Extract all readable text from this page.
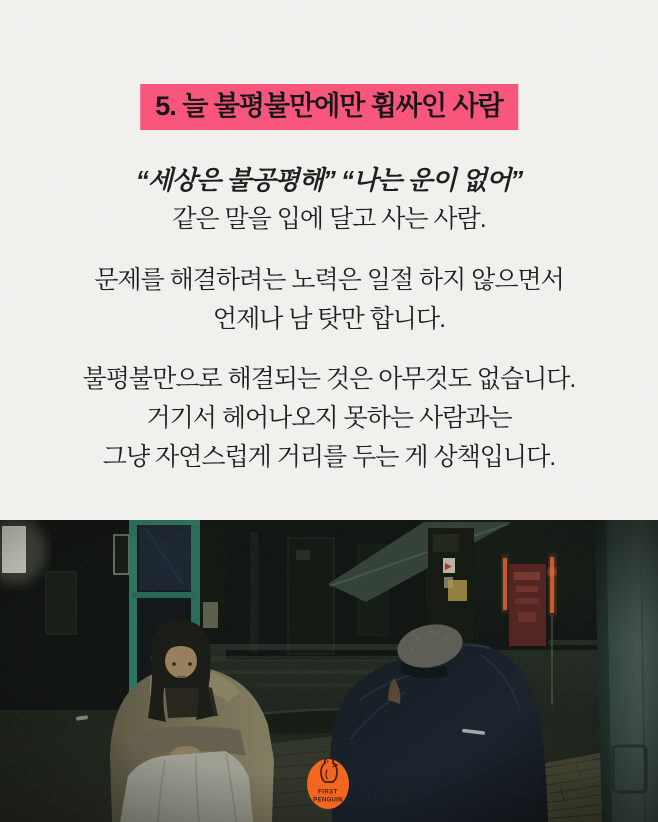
5. 늘 불평불만에만 휩싸인 사람
“세상은 불공평해” “나는 운이 없어”
같은 말을 입에 달고 사는 사람.
문제를 해결하려는 노력은 일절 하지 않으면서
언제나 남 탓만 합니다.
불평불만으로 해결되는 것은 아무것도 없습니다.
거기서 헤어나오지 못하는 사람과는
그냥 자연스럽게 거리를 두는 게 상책입니다.
FIRST
PENGUIN
